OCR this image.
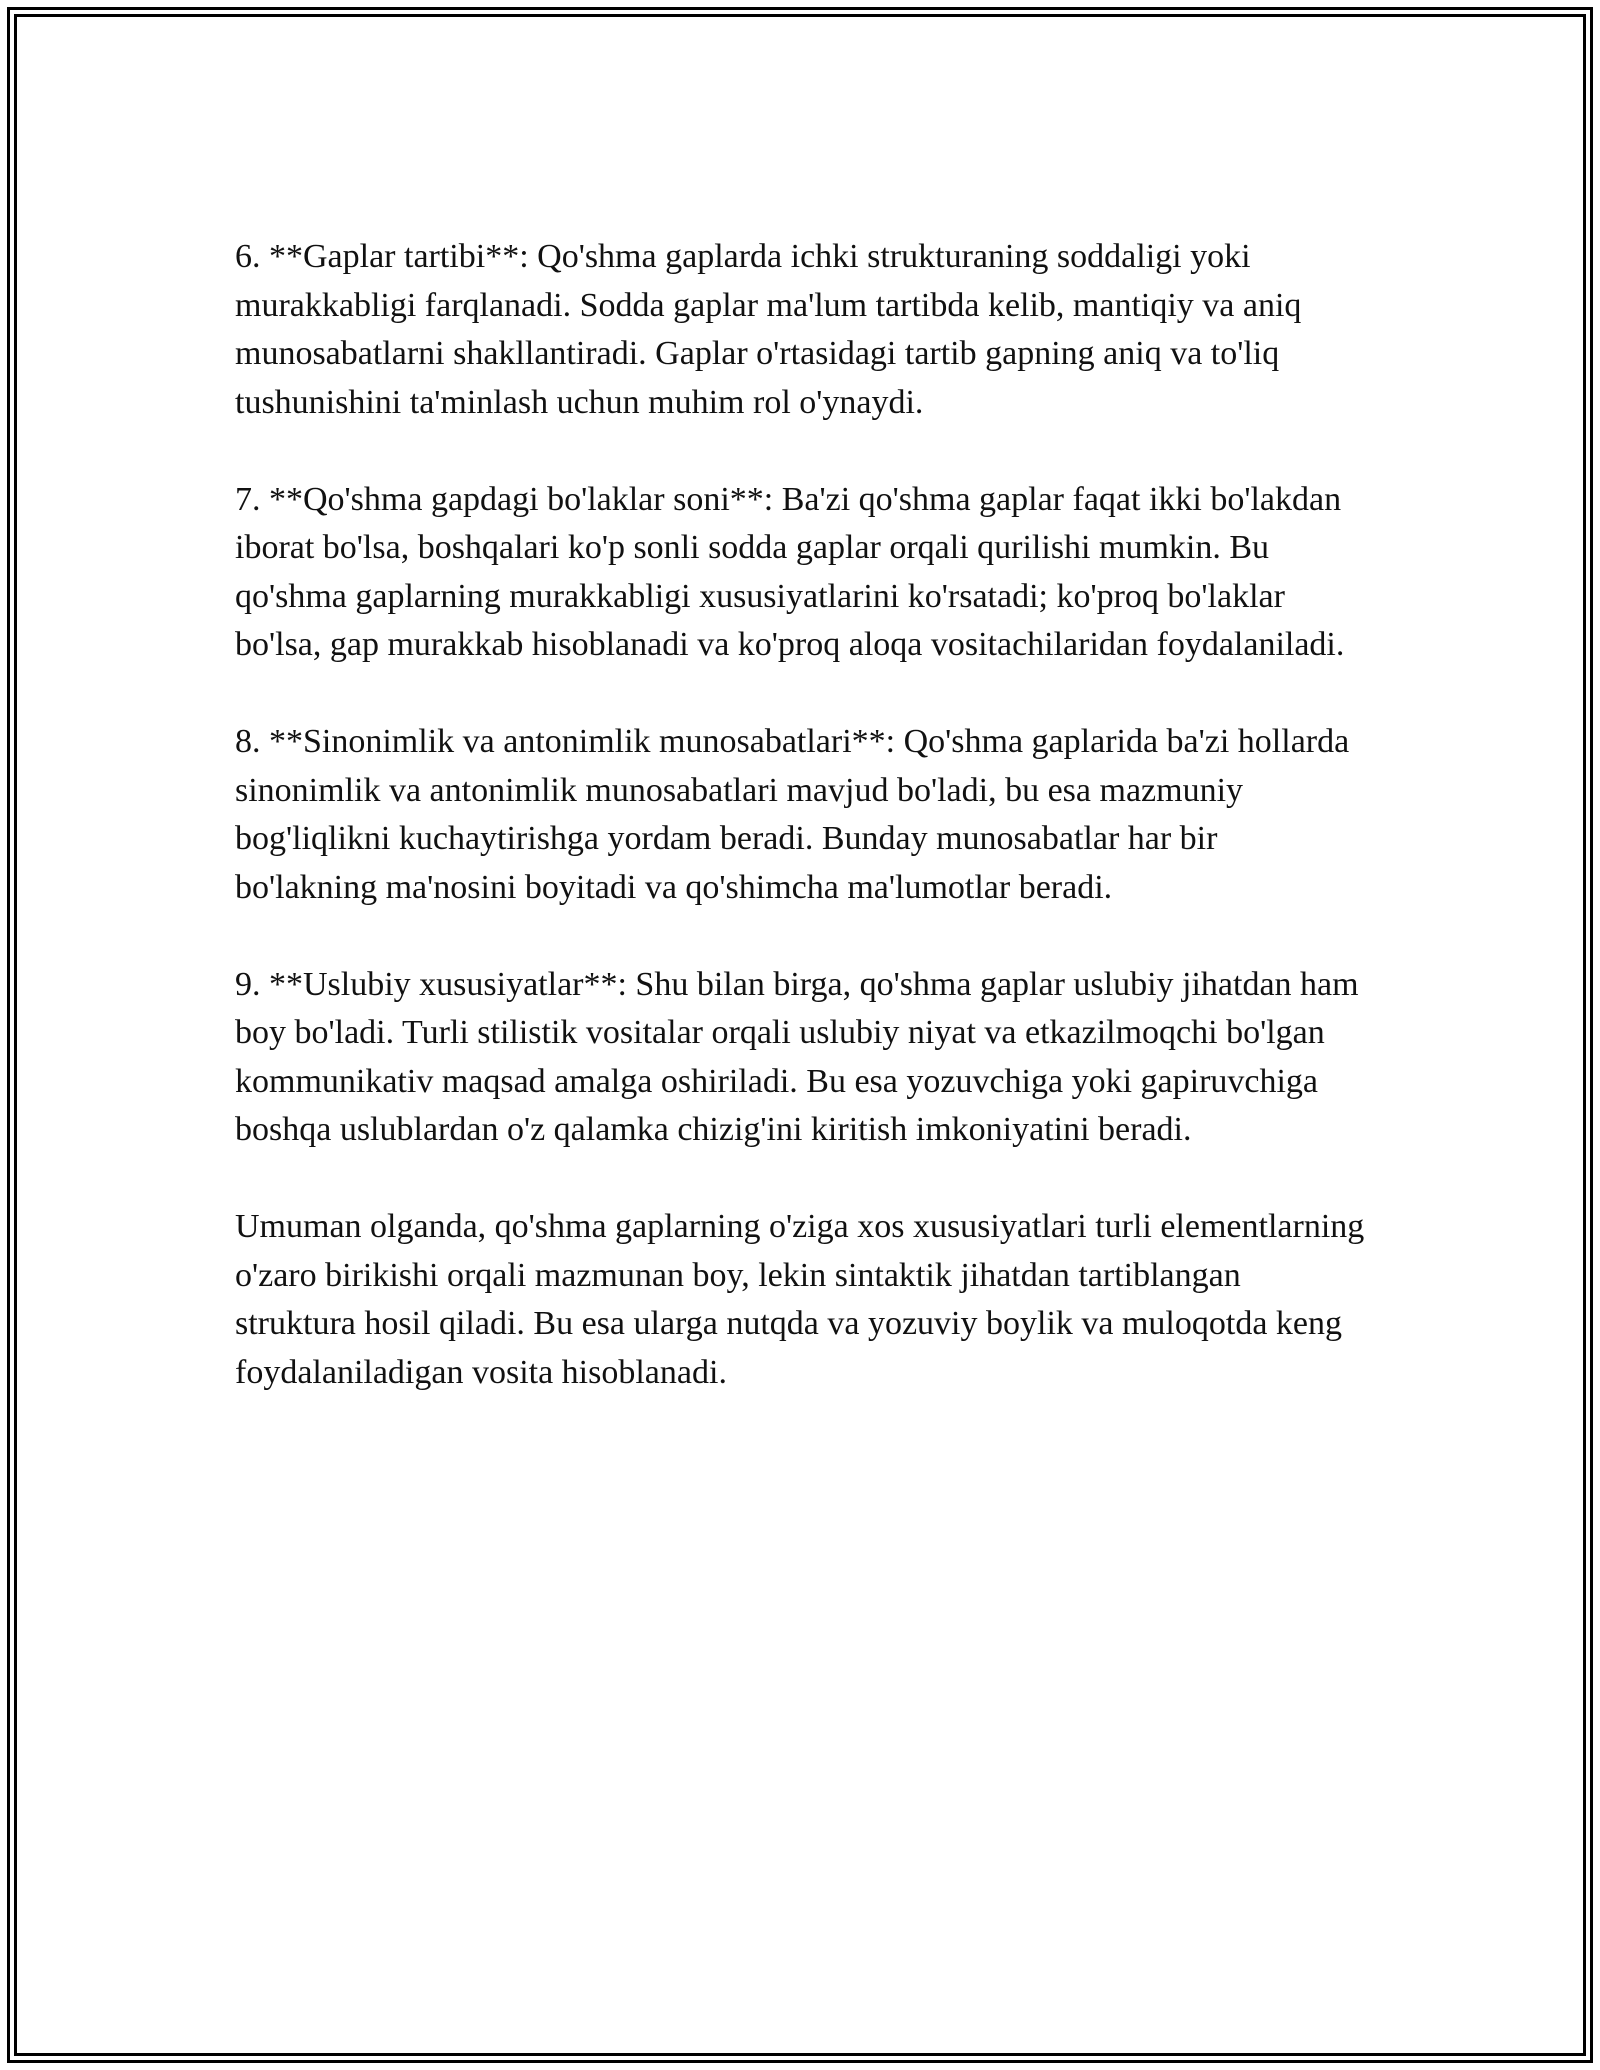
6. **Gaplar tartibi**: Qo'shma gaplarda ichki strukturaning soddaligi yoki murakkabligi farqlanadi. Sodda gaplar ma'lum tartibda kelib, mantiqiy va aniq munosabatlarni shakllantiradi. Gaplar o'rtasidagi tartib gapning aniq va to'liq tushunishini ta'minlash uchun muhim rol o'ynaydi.

7. **Qo'shma gapdagi bo'laklar soni**: Ba'zi qo'shma gaplar faqat ikki bo'lakdan iborat bo'lsa, boshqalari ko'p sonli sodda gaplar orqali qurilishi mumkin. Bu qo'shma gaplarning murakkabligi xususiyatlarini ko'rsatadi; ko'proq bo'laklar bo'lsa, gap murakkab hisoblanadi va ko'proq aloqa vositachilaridan foydalaniladi.

8. **Sinonimlik va antonimlik munosabatlari**: Qo'shma gaplarida ba'zi hollarda sinonimlik va antonimlik munosabatlari mavjud bo'ladi, bu esa mazmuniy bog'liqlikni kuchaytirishga yordam beradi. Bunday munosabatlar har bir bo'lakning ma'nosini boyitadi va qo'shimcha ma'lumotlar beradi.

9. **Uslubiy xususiyatlar**: Shu bilan birga, qo'shma gaplar uslubiy jihatdan ham boy bo'ladi. Turli stilistik vositalar orqali uslubiy niyat va etkazilmoqchi bo'lgan kommunikativ maqsad amalga oshiriladi. Bu esa yozuvchiga yoki gapiruvchiga boshqa uslublardan o'z qalamka chizig'ini kiritish imkoniyatini beradi.

Umuman olganda, qo'shma gaplarning o'ziga xos xususiyatlari turli elementlarning o'zaro birikishi orqali mazmunan boy, lekin sintaktik jihatdan tartiblangan struktura hosil qiladi. Bu esa ularga nutqda va yozuviy boylik va muloqotda keng foydalaniladigan vosita hisoblanadi.
